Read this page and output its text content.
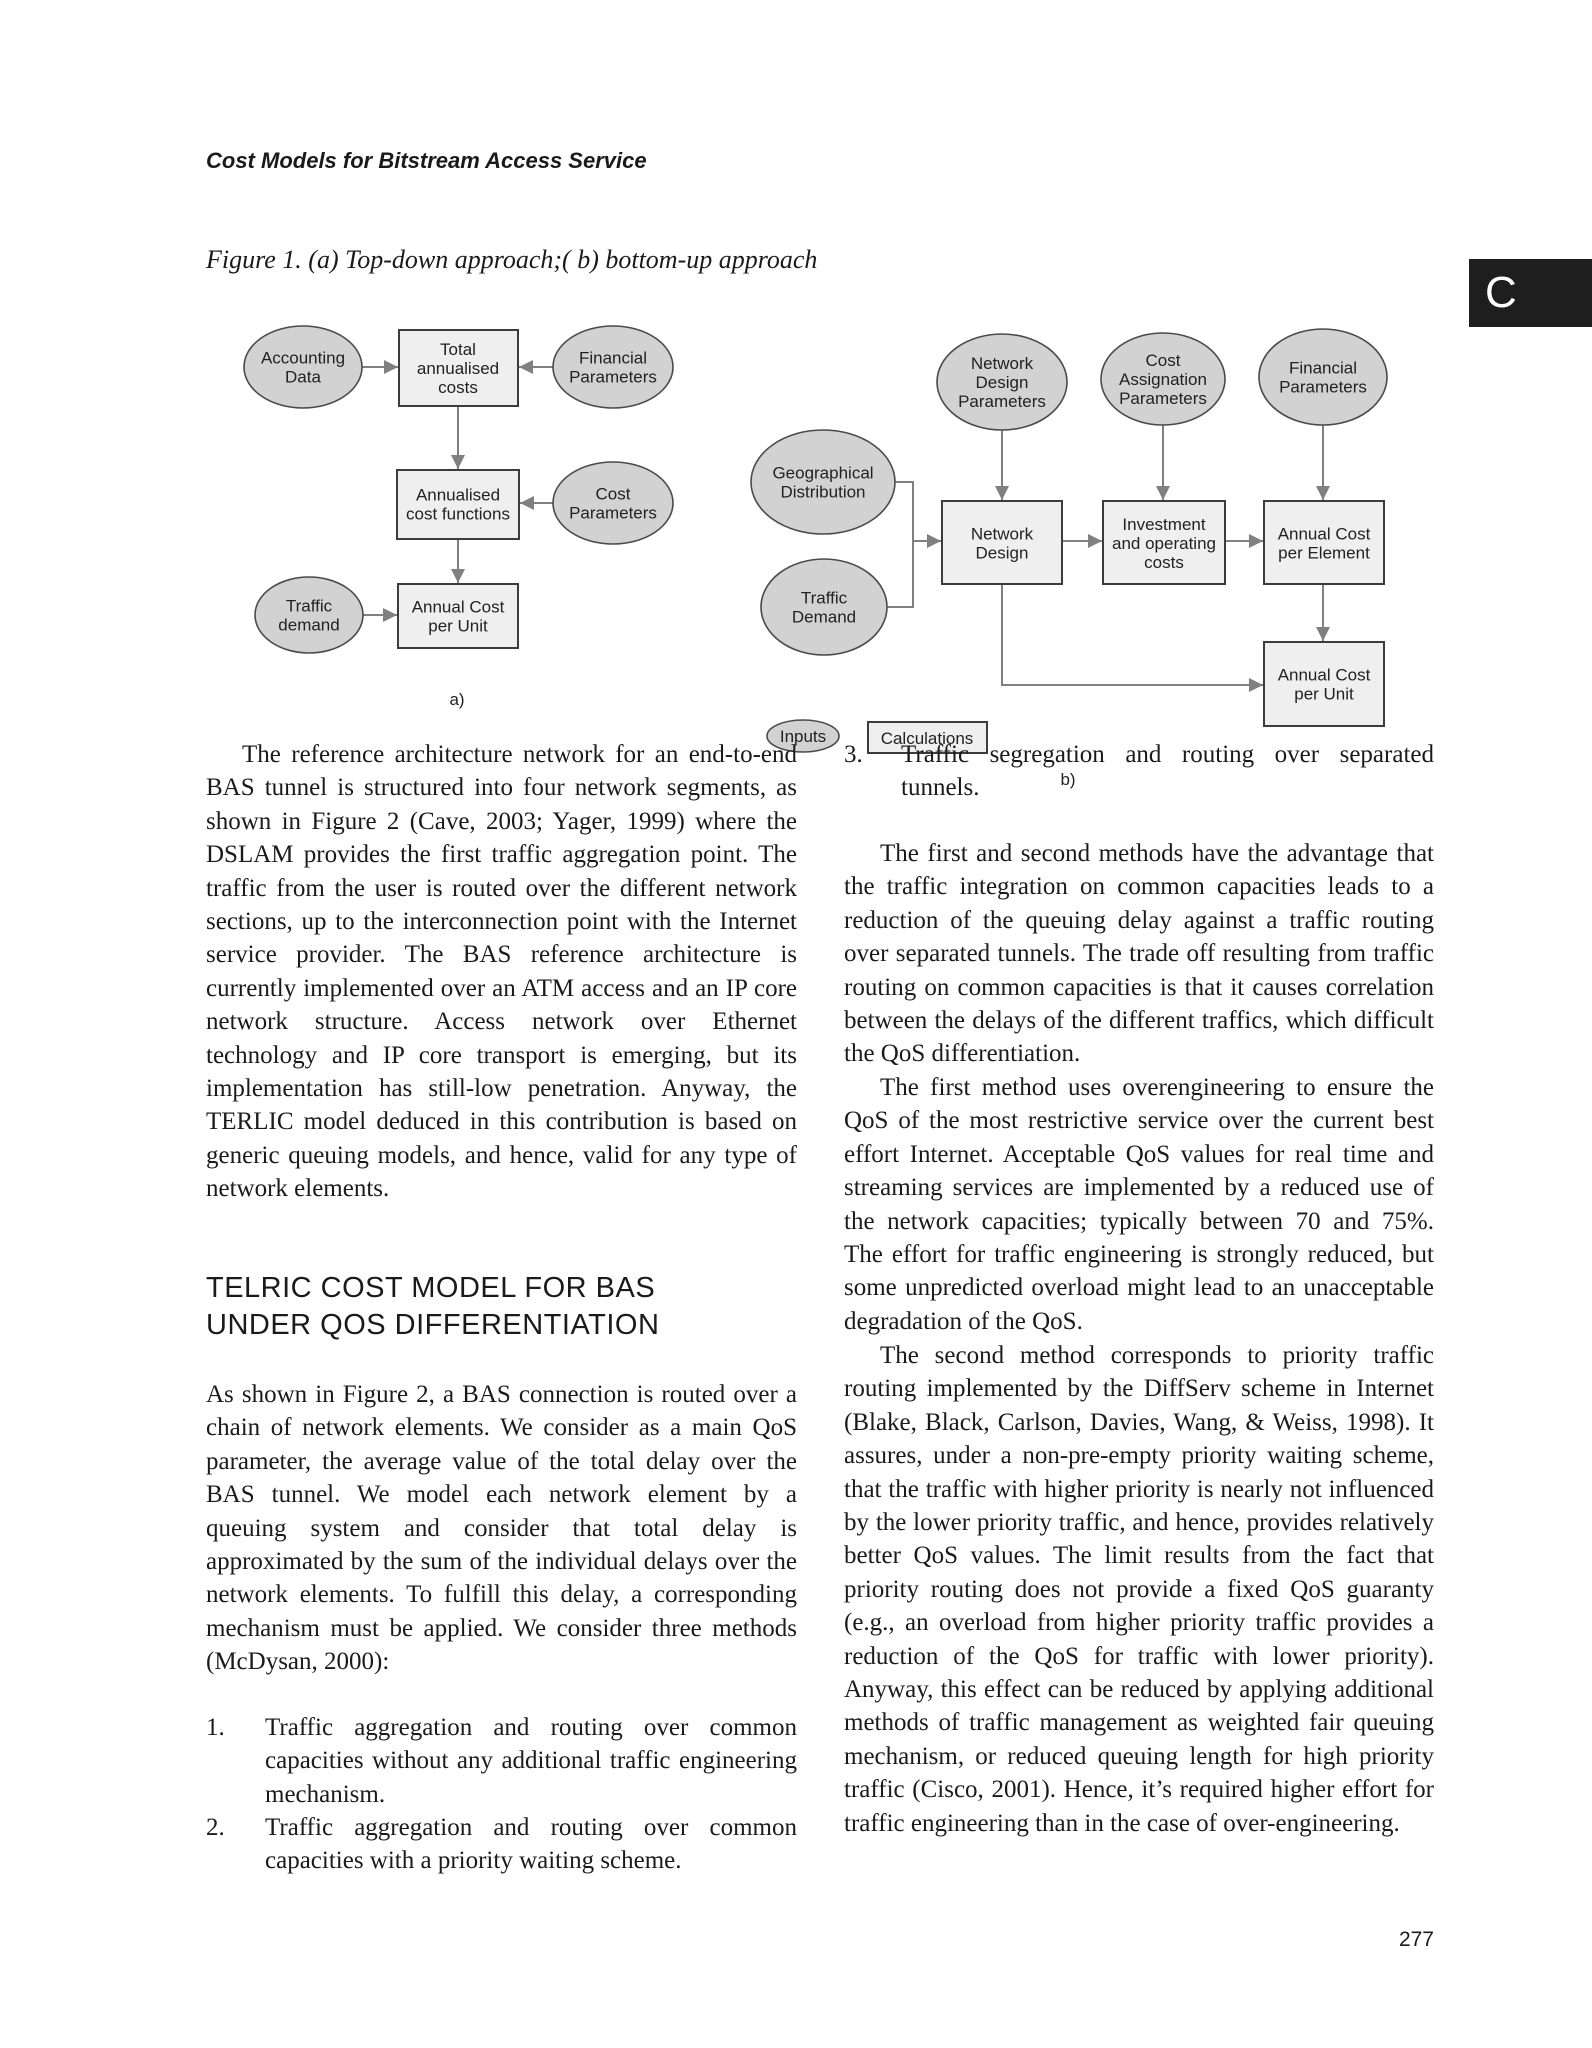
Cost Models for Bitstream Access Service
Figure 1. (a) Top-down approach;( b) bottom-up approach
C
Accounting Data
Total annualised costs
Financial Parameters
Annualised cost functions
Cost Parameters
Traffic demand
Annual Cost per Unit
a)
Network Design Parameters
Cost Assignation Parameters
Financial Parameters
Geographical Distribution
Traffic Demand
Network Design
Investment and operating costs
Annual Cost per Element
Annual Cost per Unit
Inputs	Calculations
b)
The reference architecture network for an end-to-end BAS tunnel is structured into four network segments, as shown in Figure 2 (Cave, 2003; Yager, 1999) where the DSLAM provides the first traffic aggregation point. The traffic from the user is routed over the different network sections, up to the interconnection point with the Internet service provider. The BAS reference architecture is currently implemented over an ATM access and an IP core network structure. Access network over Ethernet technology and IP core transport is emerging, but its implementation has still-low penetration. Anyway, the TERLIC model deduced in this contribution is based on generic queuing models, and hence, valid for any type of network elements.
TELRIC COST MODEL FOR BAS
UNDER QOS DIFFERENTIATION
As shown in Figure 2, a BAS connection is routed over a chain of network elements. We consider as a main QoS parameter, the average value of the total delay over the BAS tunnel. We model each network element by a queuing system and consider that total delay is approximated by the sum of the individual delays over the network elements. To fulfill this delay, a corresponding mechanism must be applied. We consider three methods (McDysan, 2000):
1.	Traffic aggregation and routing over common capacities without any additional traffic engineering mechanism.
2.	Traffic aggregation and routing over common capacities with a priority waiting scheme.
3.	Traffic segregation and routing over separated tunnels.
The first and second methods have the advantage that the traffic integration on common capacities leads to a reduction of the queuing delay against a traffic routing over separated tunnels. The trade off resulting from traffic routing on common capacities is that it causes correlation between the delays of the different traffics, which difficult the QoS differentiation.
The first method uses overengineering to ensure the QoS of the most restrictive service over the current best effort Internet. Acceptable QoS values for real time and streaming services are implemented by a reduced use of the network capacities; typically between 70 and 75%. The effort for traffic engineering is strongly reduced, but some unpredicted overload might lead to an unacceptable degradation of the QoS.
The second method corresponds to priority traffic routing implemented by the DiffServ scheme in Internet (Blake, Black, Carlson, Davies, Wang, & Weiss, 1998). It assures, under a non-pre-empty priority waiting scheme, that the traffic with higher priority is nearly not influenced by the lower priority traffic, and hence, provides relatively better QoS values. The limit results from the fact that priority routing does not provide a fixed QoS guaranty (e.g., an overload from higher priority traffic provides a reduction of the QoS for traffic with lower priority). Anyway, this effect can be reduced by applying additional methods of traffic management as weighted fair queuing mechanism, or reduced queuing length for high priority traffic (Cisco, 2001). Hence, it’s required higher effort for traffic engineering than in the case of over-engineering.
277
